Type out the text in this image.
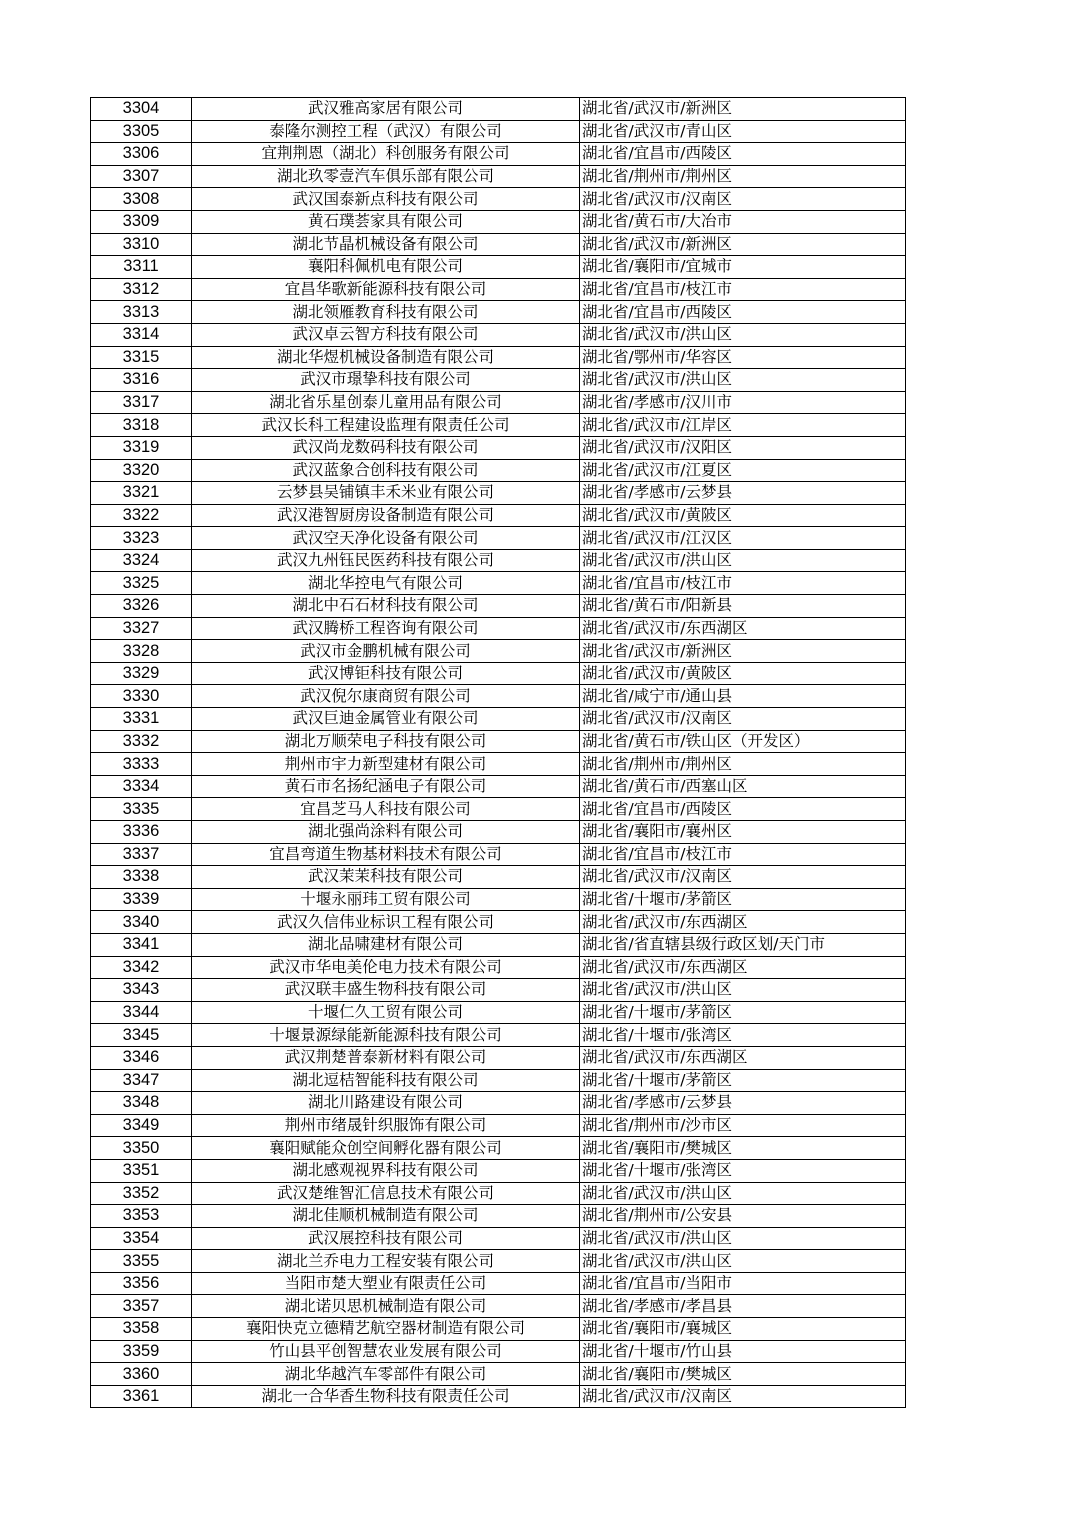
3304	武汉雅高家居有限公司	湖北省/武汉市/新洲区
3305	泰隆尔测控工程（武汉）有限公司	湖北省/武汉市/青山区
3306	宜荆荆恩（湖北）科创服务有限公司	湖北省/宜昌市/西陵区
3307	湖北玖零壹汽车俱乐部有限公司	湖北省/荆州市/荆州区
3308	武汉国泰新点科技有限公司	湖北省/武汉市/汉南区
3309	黄石璞荟家具有限公司	湖北省/黄石市/大冶市
3310	湖北节晶机械设备有限公司	湖北省/武汉市/新洲区
3311	襄阳科佩机电有限公司	湖北省/襄阳市/宜城市
3312	宜昌华歌新能源科技有限公司	湖北省/宜昌市/枝江市
3313	湖北领雁教育科技有限公司	湖北省/宜昌市/西陵区
3314	武汉卓云智方科技有限公司	湖北省/武汉市/洪山区
3315	湖北华煜机械设备制造有限公司	湖北省/鄂州市/华容区
3316	武汉市璟挚科技有限公司	湖北省/武汉市/洪山区
3317	湖北省乐星创泰儿童用品有限公司	湖北省/孝感市/汉川市
3318	武汉长科工程建设监理有限责任公司	湖北省/武汉市/江岸区
3319	武汉尚龙数码科技有限公司	湖北省/武汉市/汉阳区
3320	武汉蓝象合创科技有限公司	湖北省/武汉市/江夏区
3321	云梦县吴铺镇丰禾米业有限公司	湖北省/孝感市/云梦县
3322	武汉港智厨房设备制造有限公司	湖北省/武汉市/黄陂区
3323	武汉空天净化设备有限公司	湖北省/武汉市/江汉区
3324	武汉九州钰民医药科技有限公司	湖北省/武汉市/洪山区
3325	湖北华控电气有限公司	湖北省/宜昌市/枝江市
3326	湖北中石石材科技有限公司	湖北省/黄石市/阳新县
3327	武汉腾桥工程咨询有限公司	湖北省/武汉市/东西湖区
3328	武汉市金鹏机械有限公司	湖北省/武汉市/新洲区
3329	武汉博钜科技有限公司	湖北省/武汉市/黄陂区
3330	武汉倪尔康商贸有限公司	湖北省/咸宁市/通山县
3331	武汉巨迪金属管业有限公司	湖北省/武汉市/汉南区
3332	湖北万顺荣电子科技有限公司	湖北省/黄石市/铁山区（开发区）
3333	荆州市宇力新型建材有限公司	湖北省/荆州市/荆州区
3334	黄石市名扬纪涵电子有限公司	湖北省/黄石市/西塞山区
3335	宜昌芝马人科技有限公司	湖北省/宜昌市/西陵区
3336	湖北强尚涂料有限公司	湖北省/襄阳市/襄州区
3337	宜昌弯道生物基材料技术有限公司	湖北省/宜昌市/枝江市
3338	武汉茉茉科技有限公司	湖北省/武汉市/汉南区
3339	十堰永丽玮工贸有限公司	湖北省/十堰市/茅箭区
3340	武汉久信伟业标识工程有限公司	湖北省/武汉市/东西湖区
3341	湖北品啸建材有限公司	湖北省/省直辖县级行政区划/天门市
3342	武汉市华电美伦电力技术有限公司	湖北省/武汉市/东西湖区
3343	武汉联丰盛生物科技有限公司	湖北省/武汉市/洪山区
3344	十堰仁久工贸有限公司	湖北省/十堰市/茅箭区
3345	十堰景源绿能新能源科技有限公司	湖北省/十堰市/张湾区
3346	武汉荆楚普泰新材料有限公司	湖北省/武汉市/东西湖区
3347	湖北逗桔智能科技有限公司	湖北省/十堰市/茅箭区
3348	湖北川路建设有限公司	湖北省/孝感市/云梦县
3349	荆州市绪晟针织服饰有限公司	湖北省/荆州市/沙市区
3350	襄阳赋能众创空间孵化器有限公司	湖北省/襄阳市/樊城区
3351	湖北感观视界科技有限公司	湖北省/十堰市/张湾区
3352	武汉楚维智汇信息技术有限公司	湖北省/武汉市/洪山区
3353	湖北佳顺机械制造有限公司	湖北省/荆州市/公安县
3354	武汉展控科技有限公司	湖北省/武汉市/洪山区
3355	湖北兰乔电力工程安装有限公司	湖北省/武汉市/洪山区
3356	当阳市楚大塑业有限责任公司	湖北省/宜昌市/当阳市
3357	湖北诺贝思机械制造有限公司	湖北省/孝感市/孝昌县
3358	襄阳快克立德精艺航空器材制造有限公司	湖北省/襄阳市/襄城区
3359	竹山县平创智慧农业发展有限公司	湖北省/十堰市/竹山县
3360	湖北华越汽车零部件有限公司	湖北省/襄阳市/樊城区
3361	湖北一合华香生物科技有限责任公司	湖北省/武汉市/汉南区
